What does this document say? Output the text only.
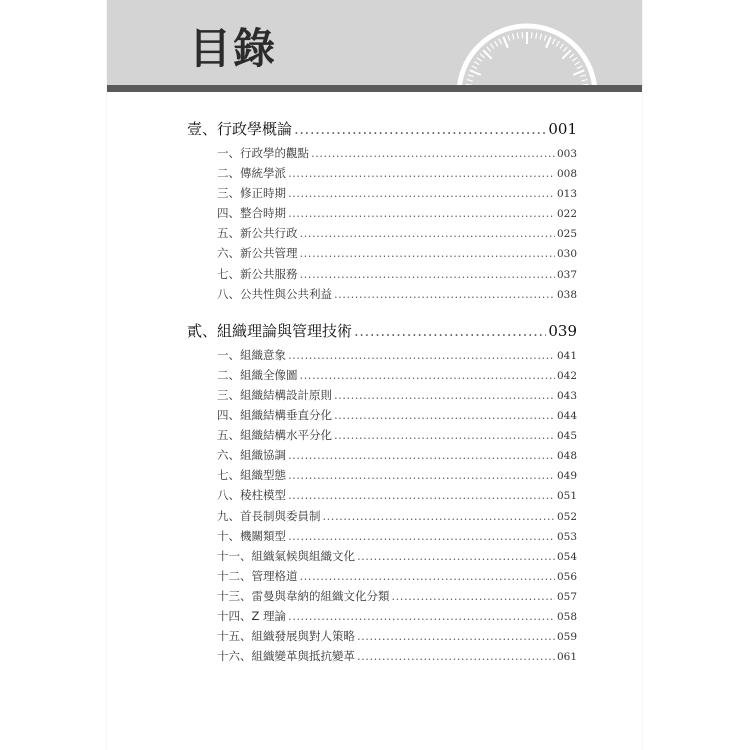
目錄
壹、行政學概論 .....	001
一、行政學的觀點 .....	003
二、傳統學派 .....	008
三、修正時期 .....	013
四、整合時期 .....	022
五、新公共行政 .....	025
六、新公共管理 .....	030
七、新公共服務 .....	037
八、公共性與公共利益 .....	038
貳、組織理論與管理技術 .....	039
一、組織意象 .....	041
二、組織全像圖 .....	042
三、組織結構設計原則 .....	043
四、組織結構垂直分化 .....	044
五、組織結構水平分化 .....	045
六、組織協調 .....	048
七、組織型態 .....	049
八、稜柱模型 .....	051
九、首長制與委員制 .....	052
十、機關類型 .....	053
十一、組織氣候與組織文化 .....	054
十二、管理格道 .....	056
十三、雷曼與韋納的組織文化分類 .....	057
十四、Z 理論 .....	058
十五、組織發展與對人策略 .....	059
十六、組織變革與抵抗變革 .....	061
